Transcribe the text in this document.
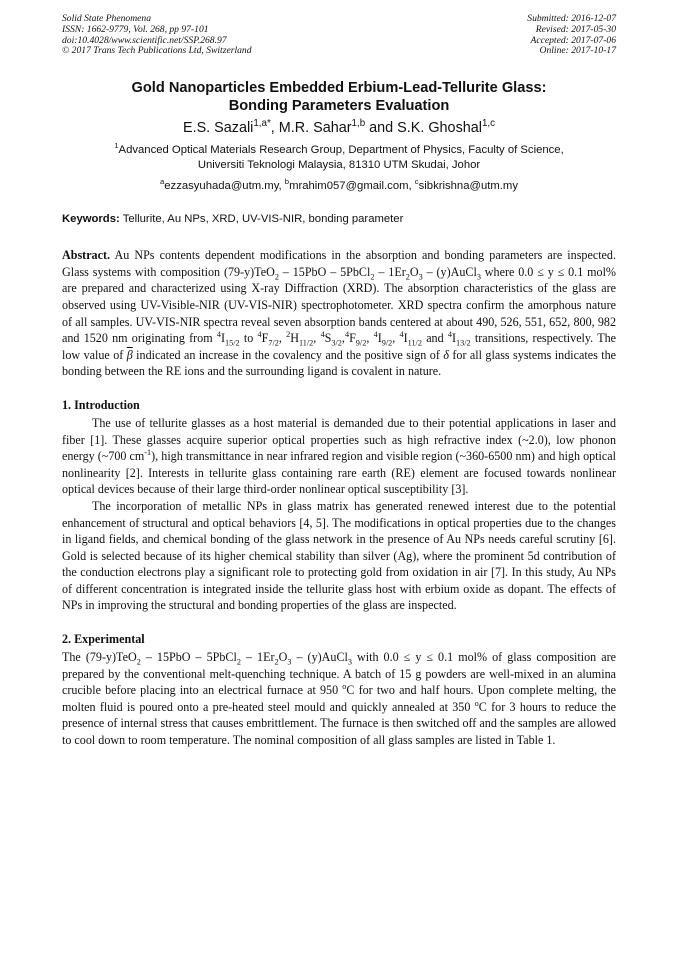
Solid State Phenomena
ISSN: 1662-9779, Vol. 268, pp 97-101
doi:10.4028/www.scientific.net/SSP.268.97
© 2017 Trans Tech Publications Ltd, Switzerland
Submitted: 2016-12-07
Revised: 2017-05-30
Accepted: 2017-07-06
Online: 2017-10-17
Gold Nanoparticles Embedded Erbium-Lead-Tellurite Glass:
Bonding Parameters Evaluation
E.S. Sazali$^{1,a*}$, M.R. Sahar$^{1,b}$ and S.K. Ghoshal$^{1,c}$
$^1$Advanced Optical Materials Research Group, Department of Physics, Faculty of Science,
Universiti Teknologi Malaysia, 81310 UTM Skudai, Johor
$^a$ezzasyuhada@utm.my, $^b$mrahim057@gmail.com, $^c$sibkrishna@utm.my
Keywords: Tellurite, Au NPs, XRD, UV-VIS-NIR, bonding parameter
Abstract. Au NPs contents dependent modifications in the absorption and bonding parameters are inspected. Glass systems with composition (79-y)TeO$_2$ – 15PbO – 5PbCl$_2$ – $1Er_2O_3$ – (y)AuCl$_3$ where 0.0 ≤ y ≤ 0.1 mol% are prepared and characterized using X-ray Diffraction (XRD). The absorption characteristics of the glass are observed using UV-Visible-NIR (UV-VIS-NIR) spectrophotometer. XRD spectra confirm the amorphous nature of all samples. UV-VIS-NIR spectra reveal seven absorption bands centered at about 490, 526, 551, 652, 800, 982 and 1520 nm originating from $^4I_{15/2}$ to $^4F_{7/2}$, $^2H_{11/2}$, $^4S_{3/2},^4F_{9/2}$, $^4I_{9/2}$, $^4I_{11/2}$ and $^4I_{13/2}$ transitions, respectively. The low value of $\overline{\beta}$ indicated an increase in the covalency and the positive sign of δ for all glass systems indicates the bonding between the RE ions and the surrounding ligand is covalent in nature.
1. Introduction

The use of tellurite glasses as a host material is demanded due to their potential applications in laser and fiber [1]. These glasses acquire superior optical properties such as high refractive index (~2.0), low phonon energy (~700 $cm^{-1}$), high transmittance in near infrared region and visible region (~360-6500 nm) and high optical nonlinearity [2]. Interests in tellurite glass containing rare earth (RE) element are focused towards nonlinear optical devices because of their large third-order nonlinear optical susceptibility [3].

The incorporation of metallic NPs in glass matrix has generated renewed interest due to the potential enhancement of structural and optical behaviors [4, 5]. The modifications in optical properties due to the changes in ligand fields, and chemical bonding of the glass network in the presence of Au NPs needs careful scrutiny [6]. Gold is selected because of its higher chemical stability than silver (Ag), where the prominent 5d contribution of the conduction electrons play a significant role to protecting gold from oxidation in air [7]. In this study, Au NPs of different concentration is integrated inside the tellurite glass host with erbium oxide as dopant. The effects of NPs in improving the structural and bonding properties of the glass are inspected.

2. Experimental

The (79-y)TeO$_2$ – 15PbO – 5PbCl$_2$ – $1Er_2O_3$ – (y)AuCl$_3$ with 0.0 ≤ y ≤ 0.1 mol% of glass composition are prepared by the conventional melt-quenching technique. A batch of 15 g powders are well-mixed in an alumina crucible before placing into an electrical furnace at 950 $^o$C for two and half hours. Upon complete melting, the molten fluid is poured onto a pre-heated steel mould and quickly annealed at 350 $^o$C for 3 hours to reduce the presence of internal stress that causes embrittlement. The furnace is then switched off and the samples are allowed to cool down to room temperature. The nominal composition of all glass samples are listed in Table 1.
